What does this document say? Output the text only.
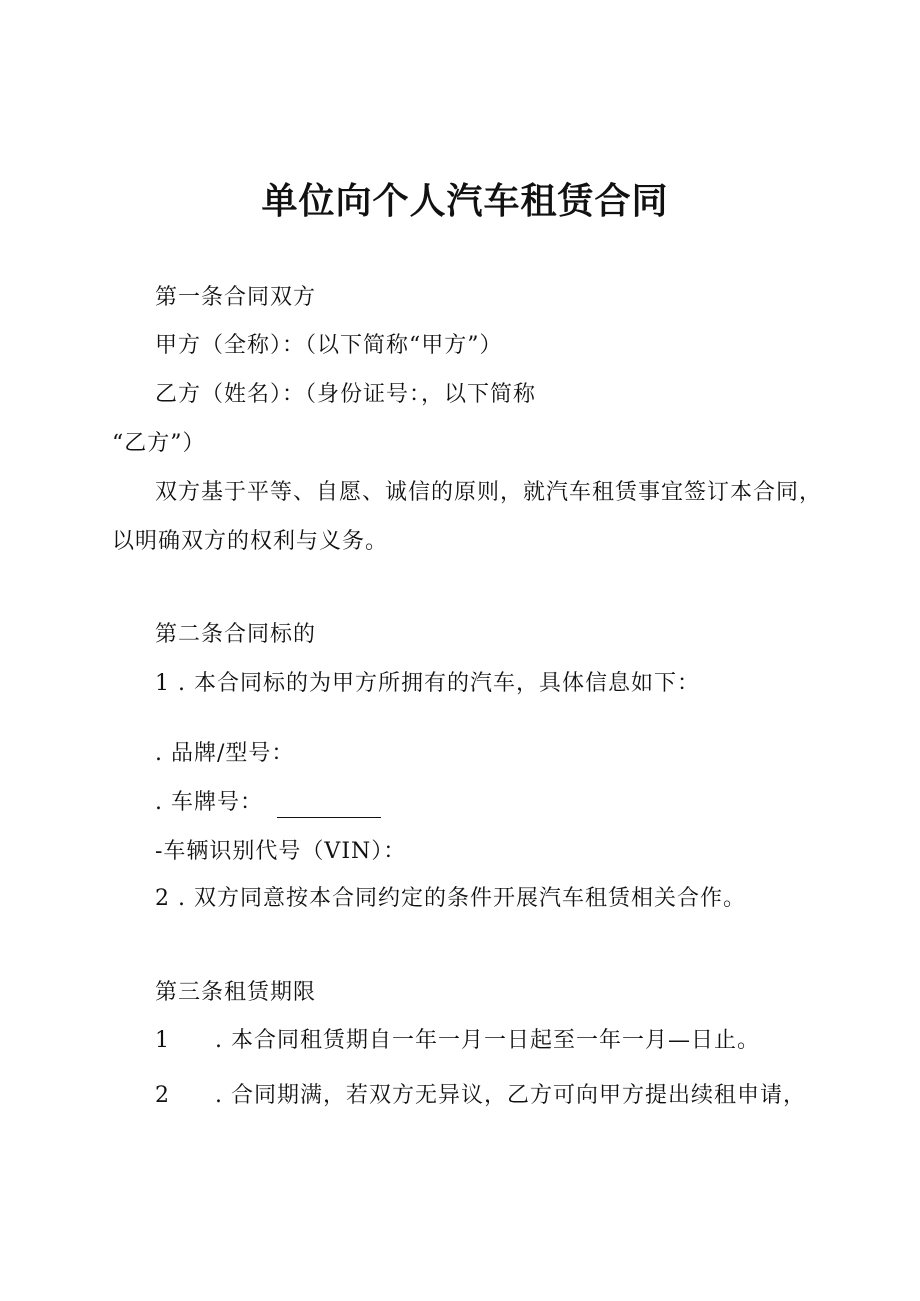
单位向个人汽车租赁合同
第一条合同双方
甲方（全称）：（以下简称“甲方”）
乙方（姓名）：（身份证号：，以下简称
“乙方”）
双方基于平等、自愿、诚信的原则，就汽车租赁事宜签订本合同，
以明确双方的权利与义务。
第二条合同标的
1 . 本合同标的为甲方所拥有的汽车，具体信息如下：
. 品牌/型号：
. 车牌号：
-车辆识别代号（VIN）：
2 . 双方同意按本合同约定的条件开展汽车租赁相关合作。
第三条租赁期限
1 . 本合同租赁期自一年一月一日起至一年一月—日止。
2 . 合同期满，若双方无异议，乙方可向甲方提出续租申请，
